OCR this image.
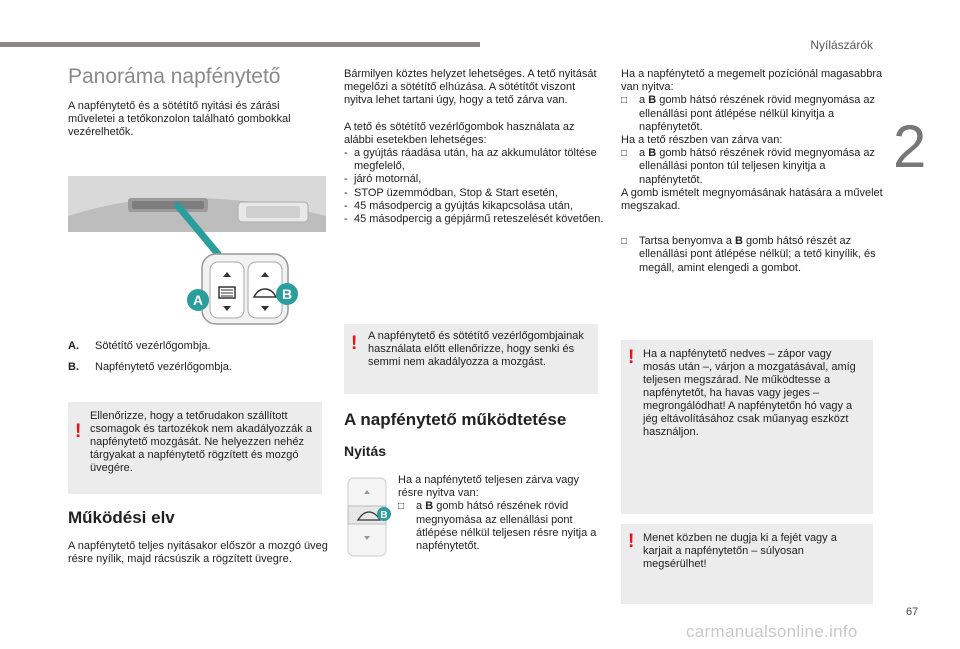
Nyílászárók
2
Panoráma napfénytető
A napfénytető és a sötétítő nyitási és zárási műveletei a tetőkonzolon található gombokkal vezérelhetők.
A	B
A.	Sötétítő vezérlőgombja.
B.	Napfénytető vezérlőgombja.
!
Ellenőrizze, hogy a tetőrudakon szállított csomagok és tartozékok nem akadályozzák a napfénytető mozgását. Ne helyezzen nehéz tárgyakat a napfénytető rögzített és mozgó üvegére.
Működési elv
A napfénytető teljes nyitásakor először a mozgó üveg résre nyílik, majd rácsúszik a rögzített üvegre.
Bármilyen köztes helyzet lehetséges. A tető nyitását megelőzi a sötétítő elhúzása. A sötétítőt viszont nyitva lehet tartani úgy, hogy a tető zárva van.
A tető és sötétítő vezérlőgombok használata az alábbi esetekben lehetséges:
- a gyújtás ráadása után, ha az akkumulátor töltése megfelelő,
- járó motornál,
- STOP üzemmódban, Stop & Start esetén,
- 45 másodpercig a gyújtás kikapcsolása után,
- 45 másodpercig a gépjármű reteszelését követően.
! A napfénytető és sötétítő vezérlőgombjainak használata előtt ellenőrizze, hogy senki és semmi nem akadályozza a mozgást.
A napfénytető működtetése
Nyitás
B
Ha a napfénytető teljesen zárva vagy résre nyitva van:
□	a B gomb hátsó részének rövid megnyomása az ellenállási pont átlépése nélkül teljesen résre nyitja a napfénytetőt.
Ha a napfénytető a megemelt pozíciónál magasabbra van nyitva:
□	a B gomb hátsó részének rövid megnyomása az ellenállási pont átlépése nélkül kinyitja a napfénytetőt.
Ha a tető részben van zárva van:
□	a B gomb hátsó részének rövid megnyomása az ellenállási ponton túl teljesen kinyitja a napfénytetőt.
A gomb ismételt megnyomásának hatására a művelet megszakad.
□	Tartsa benyomva a B gomb hátsó részét az ellenállási pont átlépése nélkül; a tető kinyílik, és megáll, amint elengedi a gombot.
! Ha a napfénytető nedves – zápor vagy mosás után –, várjon a mozgatásával, amíg teljesen megszárad. Ne működtesse a napfénytetőt, ha havas vagy jeges – megrongálódhat! A napfénytetőn hó vagy a jég eltávolításához csak műanyag eszközt használjon.
! Menet közben ne dugja ki a fejét vagy a karjait a napfénytetőn – súlyosan megsérülhet!
67
carmanualsonline.info
